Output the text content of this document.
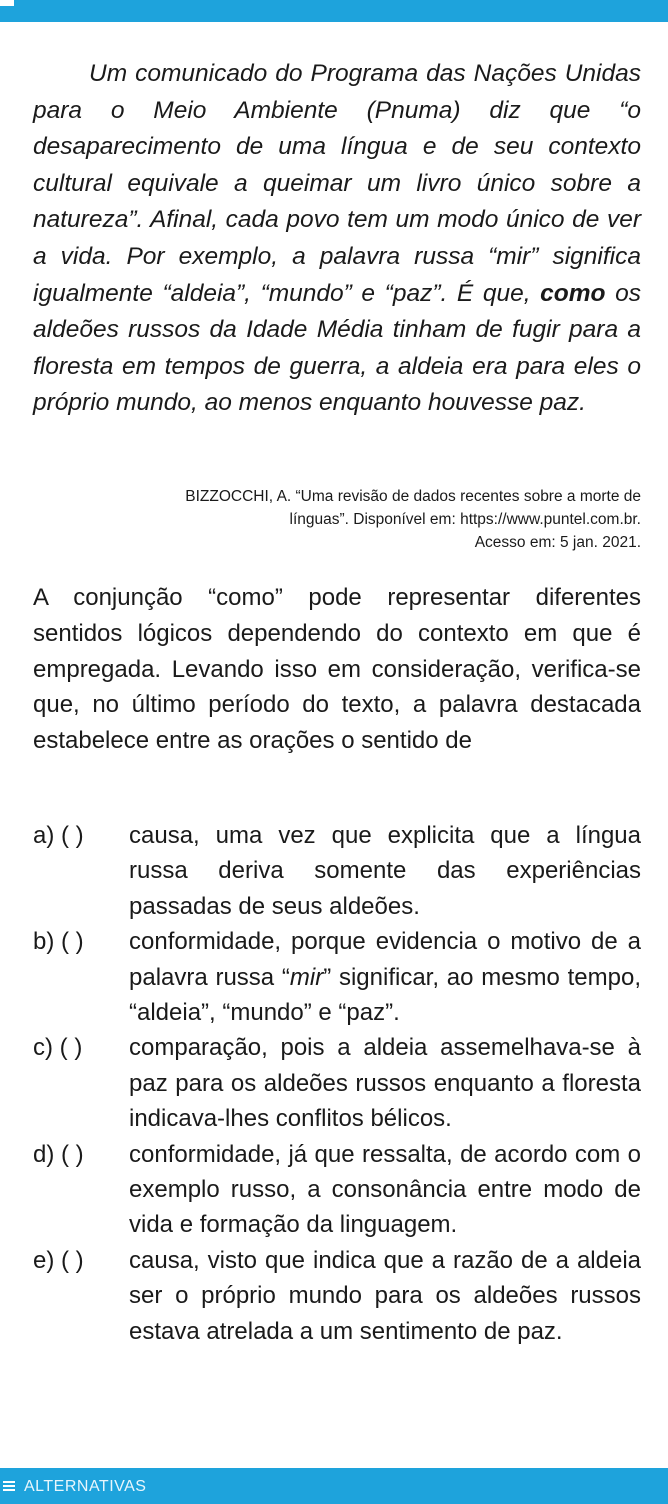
Um comunicado do Programa das Nações Unidas para o Meio Ambiente (Pnuma) diz que “o desaparecimento de uma língua e de seu contexto cultural equivale a queimar um livro único sobre a natureza”. Afinal, cada povo tem um modo único de ver a vida. Por exemplo, a palavra russa “mir” significa igualmente “aldeia”, “mundo” e “paz”. É que, como os aldeões russos da Idade Média tinham de fugir para a floresta em tempos de guerra, a aldeia era para eles o próprio mundo, ao menos enquanto houvesse paz.

BIZZOCCHI, A. “Uma revisão de dados recentes sobre a morte de
línguas”. Disponível em: https://www.puntel.com.br.
Acesso em: 5 jan. 2021.

A conjunção “como” pode representar diferentes sentidos lógicos dependendo do contexto em que é empregada. Levando isso em consideração, verifica-se que, no último período do texto, a palavra destacada estabelece entre as orações o sentido de

a) ( ) causa, uma vez que explicita que a língua russa deriva somente das experiências passadas de seus aldeões.
b) ( ) conformidade, porque evidencia o motivo de a palavra russa “mir” significar, ao mesmo tempo, “aldeia”, “mundo” e “paz”.
c) ( ) comparação, pois a aldeia assemelhava-se à paz para os aldeões russos enquanto a floresta indicava-lhes conflitos bélicos.
d) ( ) conformidade, já que ressalta, de acordo com o exemplo russo, a consonância entre modo de vida e formação da linguagem.
e) ( ) causa, visto que indica que a razão de a aldeia ser o próprio mundo para os aldeões russos estava atrelada a um sentimento de paz.
ALTERNATIVAS
